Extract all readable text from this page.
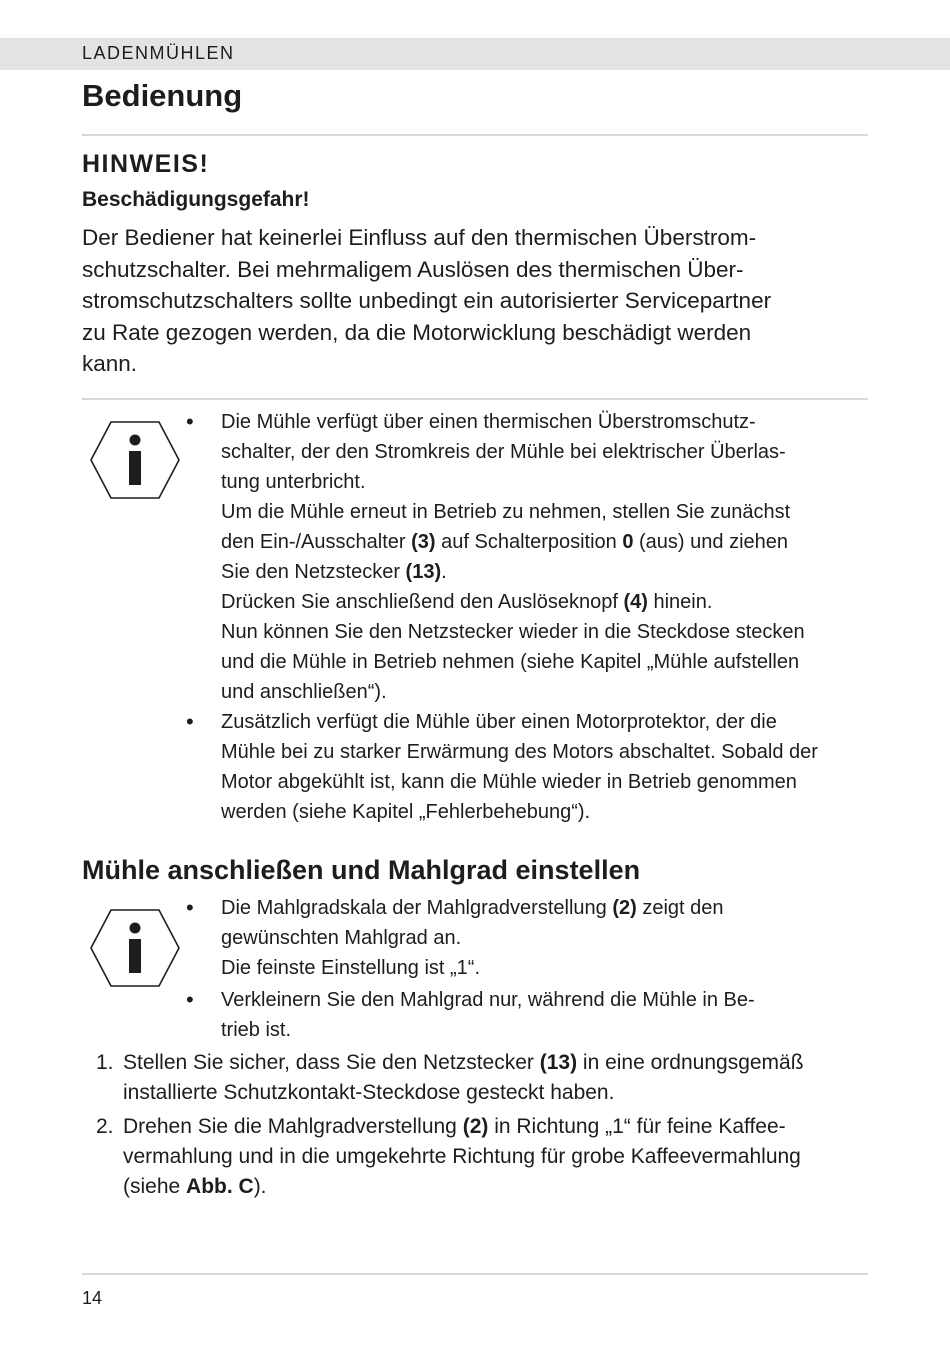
LADENMÜHLEN
Bedienung
HINWEIS!
Beschädigungsgefahr!
Der Bediener hat keinerlei Einfluss auf den thermischen Überstrom-
schutzschalter. Bei mehrmaligem Auslösen des thermischen Über-
stromschutzschalters sollte unbedingt ein autorisierter Servicepartner
zu Rate gezogen werden, da die Motorwicklung beschädigt werden
kann.
• Die Mühle verfügt über einen thermischen Überstromschutz-
schalter, der den Stromkreis der Mühle bei elektrischer Überlas-
tung unterbricht.
Um die Mühle erneut in Betrieb zu nehmen, stellen Sie zunächst
den Ein-/Ausschalter (3) auf Schalterposition 0 (aus) und ziehen
Sie den Netzstecker (13).
Drücken Sie anschließend den Auslöseknopf (4) hinein.
Nun können Sie den Netzstecker wieder in die Steckdose stecken
und die Mühle in Betrieb nehmen (siehe Kapitel „Mühle aufstellen
und anschließen“).
• Zusätzlich verfügt die Mühle über einen Motorprotektor, der die
Mühle bei zu starker Erwärmung des Motors abschaltet. Sobald der
Motor abgekühlt ist, kann die Mühle wieder in Betrieb genommen
werden (siehe Kapitel „Fehlerbehebung“).
Mühle anschließen und Mahlgrad einstellen
• Die Mahlgradskala der Mahlgradverstellung (2) zeigt den
gewünschten Mahlgrad an.
Die feinste Einstellung ist „1“.
• Verkleinern Sie den Mahlgrad nur, während die Mühle in Be-
trieb ist.
1. Stellen Sie sicher, dass Sie den Netzstecker (13) in eine ordnungsgemäß
installierte Schutzkontakt-Steckdose gesteckt haben.
2. Drehen Sie die Mahlgradverstellung (2) in Richtung „1“ für feine Kaffee-
vermahlung und in die umgekehrte Richtung für grobe Kaffeevermahlung
(siehe Abb. C).
14
